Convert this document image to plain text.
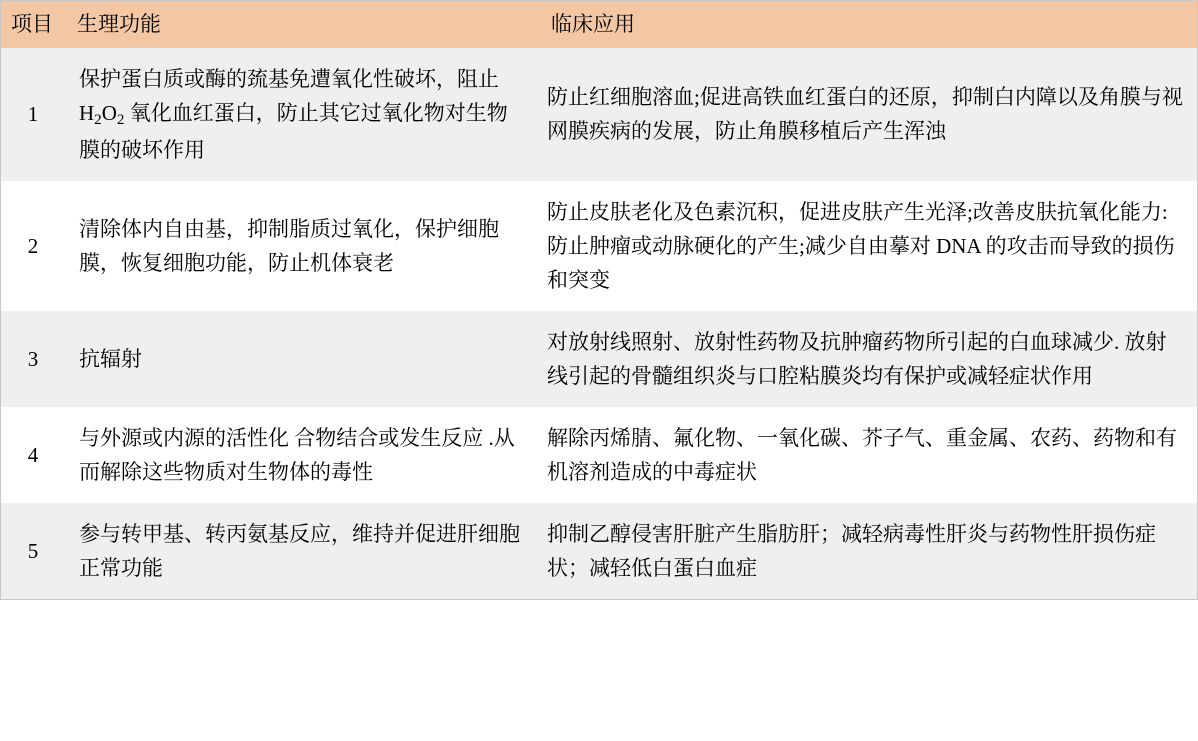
项目	生理功能	临床应用
1	保护蛋白质或酶的巯基免遭氧化性破坏，阻止 H2O2 氧化血红蛋白，防止其它过氧化物对生物膜的破坏作用	防止红细胞溶血;促进高铁血红蛋白的还原，抑制白内障以及角膜与视网膜疾病的发展，防止角膜移植后产生浑浊
2	清除体内自由基，抑制脂质过氧化，保护细胞膜，恢复细胞功能，防止机体衰老	防止皮肤老化及色素沉积，促进皮肤产生光泽;改善皮肤抗氧化能力:防止肿瘤或动脉硬化的产生;减少自由摹对 DNA 的攻击而导致的损伤和突变
3	抗辐射	对放射线照射、放射性药物及抗肿瘤药物所引起的白血球减少. 放射线引起的骨髓组织炎与口腔粘膜炎均有保护或减轻症状作用
4	与外源或内源的活性化 合物结合或发生反应 .从而解除这些物质对生物体的毒性	解除丙烯腈、氟化物、一氧化碳、芥子气、重金属、农药、药物和有机溶剂造成的中毒症状
5	参与转甲基、转丙氨基反应，维持并促进肝细胞正常功能	抑制乙醇侵害肝脏产生脂肪肝；减轻病毒性肝炎与药物性肝损伤症状；减轻低白蛋白血症
